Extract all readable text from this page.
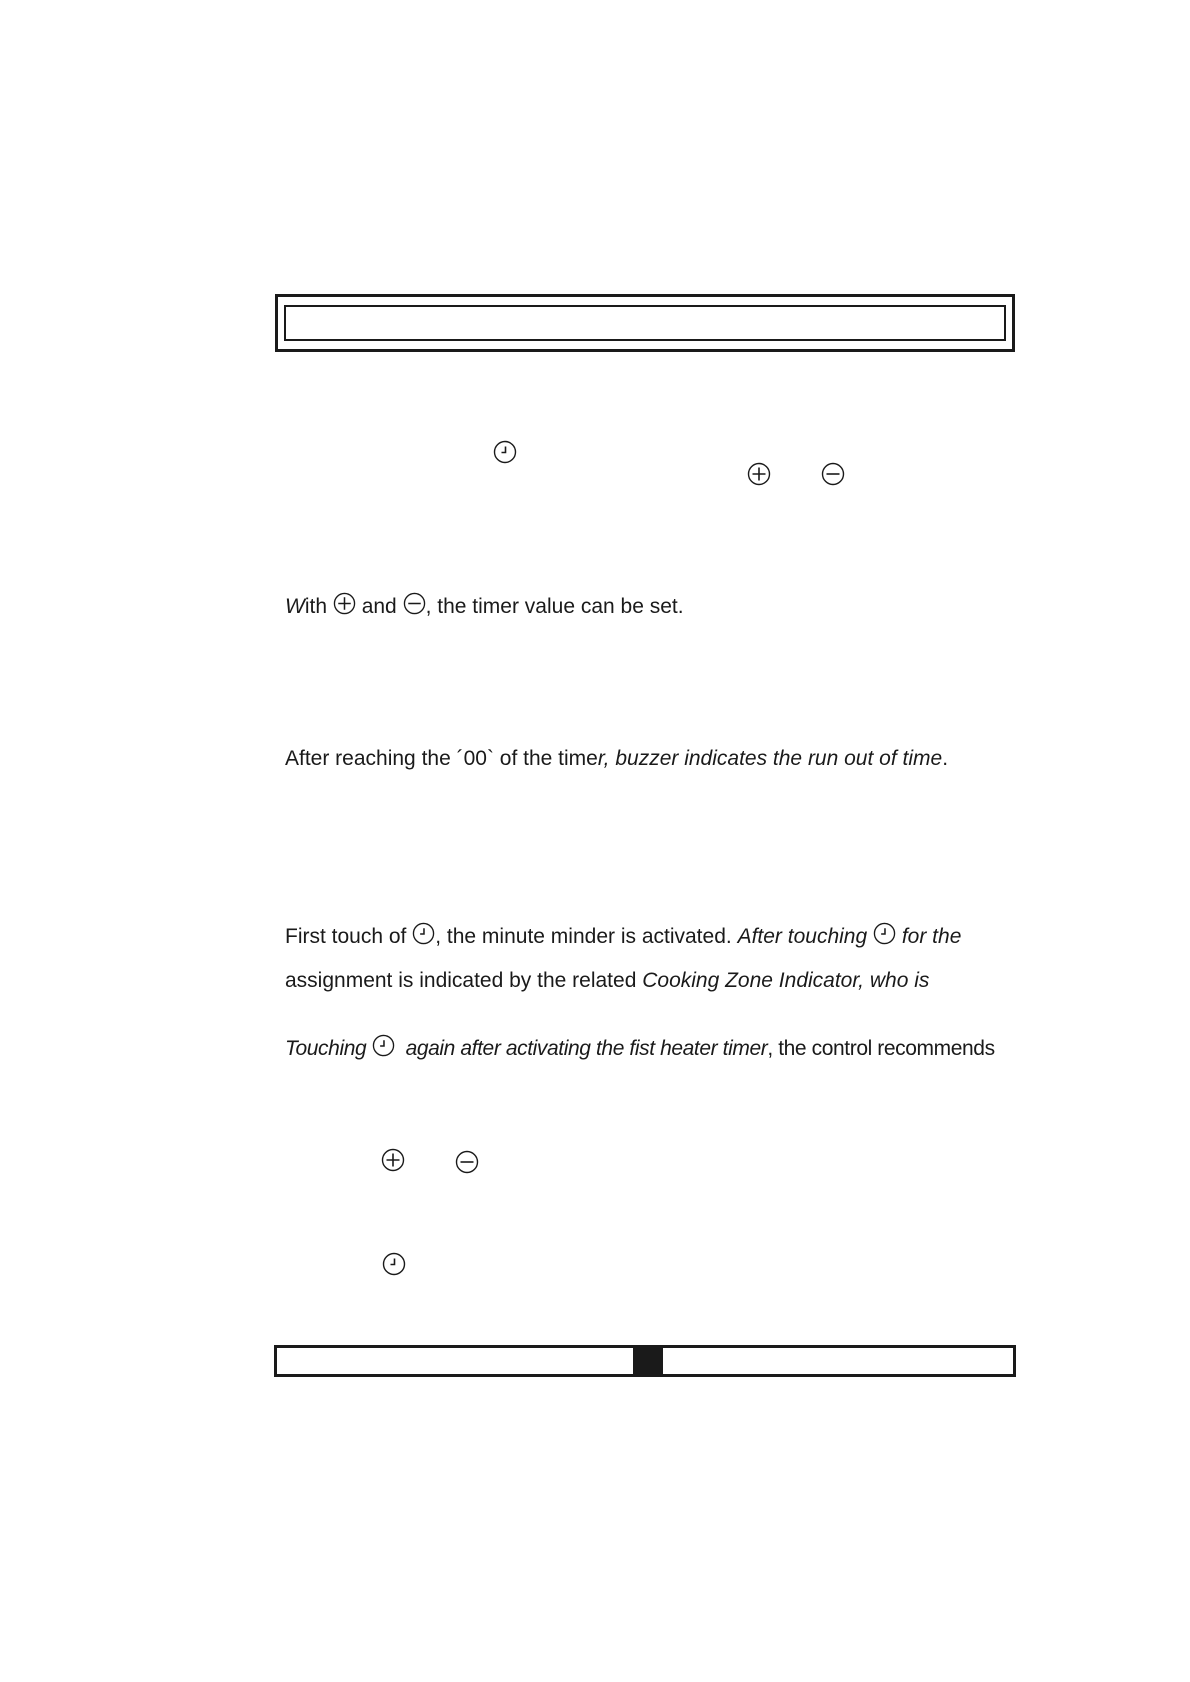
With and , the timer value can be set.
After reaching the ´00` of the timer, buzzer indicates the run out of time.
First touch of , the minute minder is activated. After touching for the
assignment is indicated by the related Cooking Zone Indicator, who is
Touching again after activating the fist heater timer, the control recommends
